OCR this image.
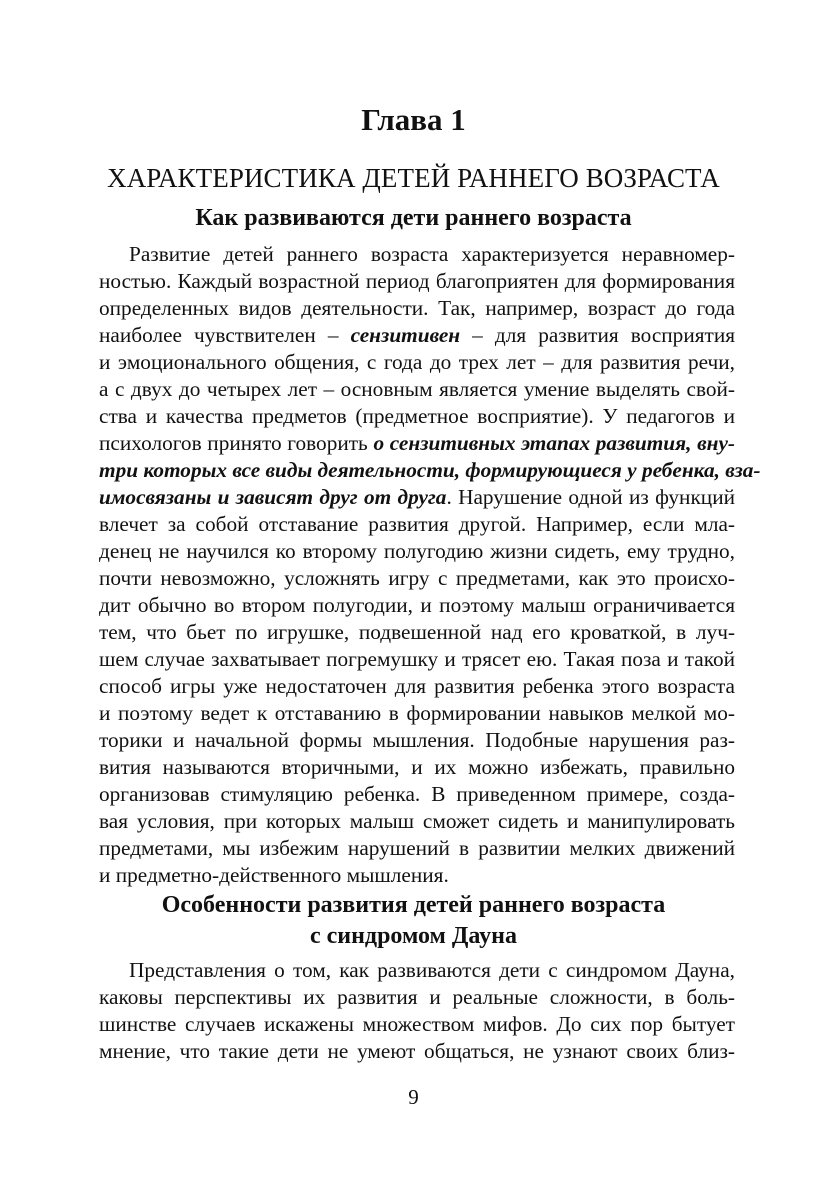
Глава 1
ХАРАКТЕРИСТИКА ДЕТЕЙ РАННЕГО ВОЗРАСТА
Как развиваются дети раннего возраста
Развитие детей раннего возраста характеризуется неравномер-
ностью. Каждый возрастной период благоприятен для формирования
определенных видов деятельности. Так, например, возраст до года
наиболее чувствителен – сензитивен – для развития восприятия
и эмоционального общения, с года до трех лет – для развития речи,
а с двух до четырех лет – основным является умение выделять свой-
ства и качества предметов (предметное восприятие). У педагогов и
психологов принято говорить о сензитивных этапах развития, вну-
три которых все виды деятельности, формирующиеся у ребенка, вза-
имосвязаны и зависят друг от друга. Нарушение одной из функций
влечет за собой отставание развития другой. Например, если мла-
денец не научился ко второму полугодию жизни сидеть, ему трудно,
почти невозможно, усложнять игру с предметами, как это происхо-
дит обычно во втором полугодии, и поэтому малыш ограничивается
тем, что бьет по игрушке, подвешенной над его кроваткой, в луч-
шем случае захватывает погремушку и трясет ею. Такая поза и такой
способ игры уже недостаточен для развития ребенка этого возраста
и поэтому ведет к отставанию в формировании навыков мелкой мо-
торики и начальной формы мышления. Подобные нарушения раз-
вития называются вторичными, и их можно избежать, правильно
организовав стимуляцию ребенка. В приведенном примере, созда-
вая условия, при которых малыш сможет сидеть и манипулировать
предметами, мы избежим нарушений в развитии мелких движений
и предметно-действенного мышления.
Особенности развития детей раннего возраста
с синдромом Дауна
Представления о том, как развиваются дети с синдромом Дауна,
каковы перспективы их развития и реальные сложности, в боль-
шинстве случаев искажены множеством мифов. До сих пор бытует
мнение, что такие дети не умеют общаться, не узнают своих близ-
9
